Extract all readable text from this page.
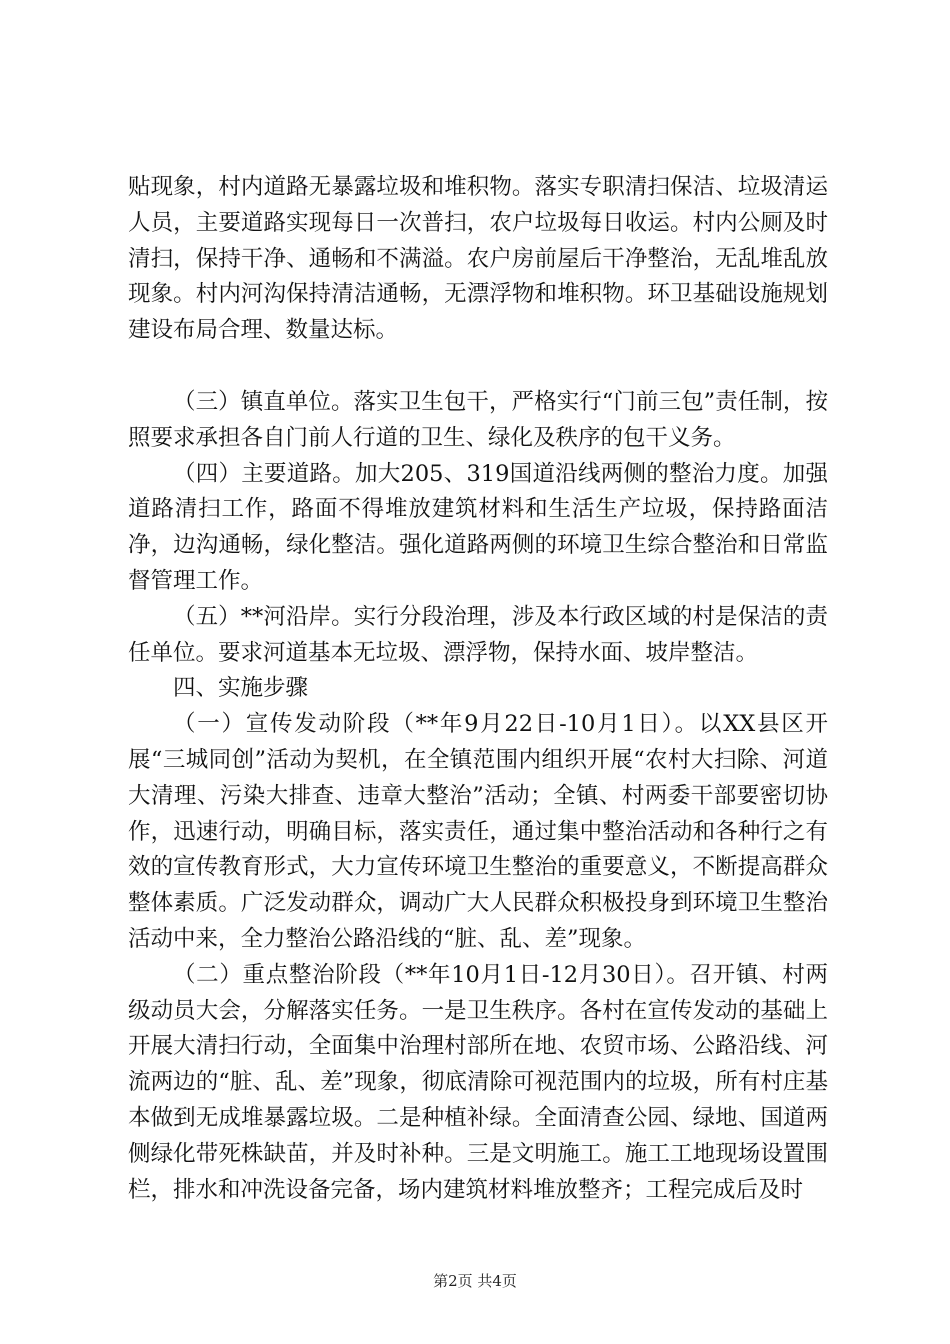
贴现象，村内道路无暴露垃圾和堆积物。落实专职清扫保洁、垃圾清运人员，主要道路实现每日一次普扫，农户垃圾每日收运。村内公厕及时清扫，保持干净、通畅和不满溢。农户房前屋后干净整治，无乱堆乱放现象。村内河沟保持清洁通畅，无漂浮物和堆积物。环卫基础设施规划建设布局合理、数量达标。

（三）镇直单位。落实卫生包干，严格实行“门前三包”责任制，按照要求承担各自门前人行道的卫生、绿化及秩序的包干义务。

（四）主要道路。加大205、319国道沿线两侧的整治力度。加强道路清扫工作，路面不得堆放建筑材料和生活生产垃圾，保持路面洁净，边沟通畅，绿化整洁。强化道路两侧的环境卫生综合整治和日常监督管理工作。

（五）**河沿岸。实行分段治理，涉及本行政区域的村是保洁的责任单位。要求河道基本无垃圾、漂浮物，保持水面、坡岸整洁。

四、实施步骤

（一）宣传发动阶段（**年9月22日-10月1日）。以XX县区开展“三城同创”活动为契机，在全镇范围内组织开展“农村大扫除、河道大清理、污染大排查、违章大整治”活动；全镇、村两委干部要密切协作，迅速行动，明确目标，落实责任，通过集中整治活动和各种行之有效的宣传教育形式，大力宣传环境卫生整治的重要意义，不断提高群众整体素质。广泛发动群众，调动广大人民群众积极投身到环境卫生整治活动中来，全力整治公路沿线的“脏、乱、差”现象。

（二）重点整治阶段（**年10月1日-12月30日）。召开镇、村两级动员大会，分解落实任务。一是卫生秩序。各村在宣传发动的基础上开展大清扫行动，全面集中治理村部所在地、农贸市场、公路沿线、河流两边的“脏、乱、差”现象，彻底清除可视范围内的垃圾，所有村庄基本做到无成堆暴露垃圾。二是种植补绿。全面清查公园、绿地、国道两侧绿化带死株缺苗，并及时补种。三是文明施工。施工工地现场设置围栏，排水和冲洗设备完备，场内建筑材料堆放整齐；工程完成后及时

第2页 共4页
